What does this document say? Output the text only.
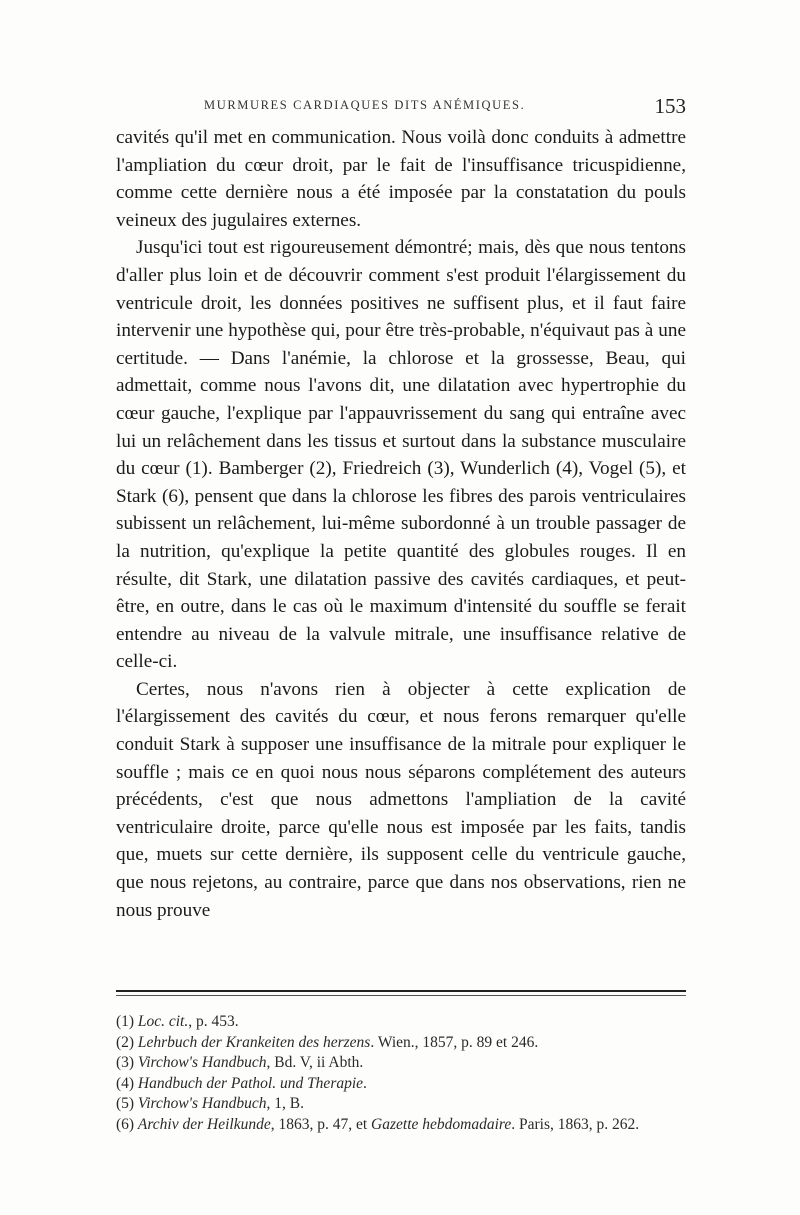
MURMURES CARDIAQUES DITS ANÉMIQUES.	153

cavités qu'il met en communication. Nous voilà donc conduits à admettre l'ampliation du cœur droit, par le fait de l'insuffisance tricuspidienne, comme cette dernière nous a été imposée par la constatation du pouls veineux des jugulaires externes.

Jusqu'ici tout est rigoureusement démontré; mais, dès que nous tentons d'aller plus loin et de découvrir comment s'est produit l'élargissement du ventricule droit, les données positives ne suffisent plus, et il faut faire intervenir une hypothèse qui, pour être très-probable, n'équivaut pas à une certitude. — Dans l'anémie, la chlorose et la grossesse, Beau, qui admettait, comme nous l'avons dit, une dilatation avec hypertrophie du cœur gauche, l'explique par l'appauvrissement du sang qui entraîne avec lui un relâchement dans les tissus et surtout dans la substance musculaire du cœur (1). Bamberger (2), Friedreich (3), Wunderlich (4), Vogel (5), et Stark (6), pensent que dans la chlorose les fibres des parois ventriculaires subissent un relâchement, lui-même subordonné à un trouble passager de la nutrition, qu'explique la petite quantité des globules rouges. Il en résulte, dit Stark, une dilatation passive des cavités cardiaques, et peut-être, en outre, dans le cas où le maximum d'intensité du souffle se ferait entendre au niveau de la valvule mitrale, une insuffisance relative de celle-ci.

Certes, nous n'avons rien à objecter à cette explication de l'élargissement des cavités du cœur, et nous ferons remarquer qu'elle conduit Stark à supposer une insuffisance de la mitrale pour expliquer le souffle ; mais ce en quoi nous nous séparons complétement des auteurs précédents, c'est que nous admettons l'ampliation de la cavité ventriculaire droite, parce qu'elle nous est imposée par les faits, tandis que, muets sur cette dernière, ils supposent celle du ventricule gauche, que nous rejetons, au contraire, parce que dans nos observations, rien ne nous prouve

(1) Loc. cit., p. 453.
(2) Lehrbuch der Krankeiten des herzens. Wien., 1857, p. 89 et 246.
(3) Virchow's Handbuch, Bd. V, ii Abth.
(4) Handbuch der Pathol. und Therapie.
(5) Virchow's Handbuch, 1, B.
(6) Archiv der Heilkunde, 1863, p. 47, et Gazette hebdomadaire. Paris, 1863, p. 262.
